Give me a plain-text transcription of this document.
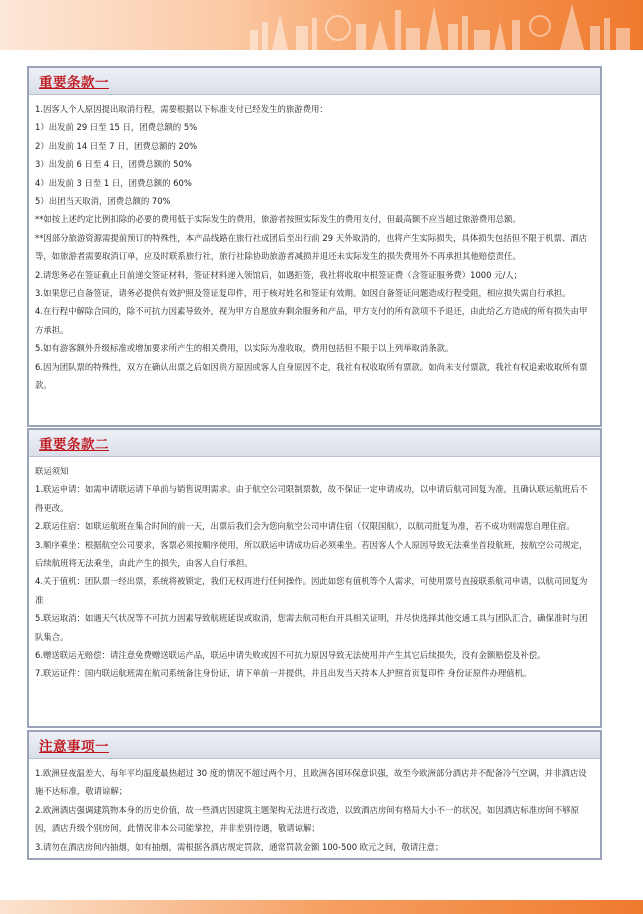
重要条款一

1.因客人个人原因提出取消行程，需要根据以下标准支付已经发生的旅游费用：

1）出发前 29 日至 15 日，团费总额的 5%

2）出发前 14 日至 7 日，团费总额的 20%

3）出发前 6 日至 4 日，团费总额的 50%

4）出发前 3 日至 1 日，团费总额的 60%

5）出团当天取消，团费总额的 70%

**如按上述约定比例扣除的必要的费用低于实际发生的费用，旅游者按照实际发生的费用支付，但最高额不应当超过旅游费用总额。

**因部分旅游资源需提前预订的特殊性，本产品线路在旅行社成团后至出行前 29 天外取消的，也将产生实际损失，具体损失包括但不限于机票、酒店等，如旅游者需要取消订单，应及时联系旅行社，旅行社除协助旅游者减损并退还未实际发生的损失费用外不再承担其他赔偿责任。

2.请您务必在签证截止日前递交签证材料，签证材料递入领馆后，如遇拒签，我社将收取申根签证费（含签证服务费）1000 元/人；

3.如果您已自备签证，请务必提供有效护照及签证复印件，用于核对姓名和签证有效期。如因自备签证问题造成行程受阻，相应损失需自行承担。

4.在行程中解除合同的，除不可抗力因素导致外，视为甲方自愿放弃剩余服务和产品，甲方支付的所有款项不予退还，由此给乙方造成的所有损失由甲方承担。

5.如有游客额外升级标准或增加要求所产生的相关费用，以实际为准收取，费用包括但不限于以上列举取消条款。

6.因为团队票的特殊性，双方在确认出票之后如因贵方原因或客人自身原因不走，我社有权收取所有票款。如尚未支付票款，我社有权追索收取所有票款。

重要条款二

联运须知

1.联运申请：如需申请联运请下单前与销售说明需求。由于航空公司限制票数，故不保证一定申请成功，以申请后航司回复为准，且确认联运航班后不得更改。

2.联运住宿：如联运航班在集合时间的前一天，出票后我们会为您向航空公司申请住宿（仅限国航），以航司批复为准，若不成功则需您自理住宿。

3.顺序乘坐：根据航空公司要求，客票必须按顺序使用，所以联运申请成功后必须乘坐。若因客人个人原因导致无法乘坐首段航班，按航空公司规定，后续航班将无法乘坐，由此产生的损失，由客人自行承担。

4.关于值机：团队票一经出票，系统将被锁定，我们无权再进行任何操作。因此如您有值机等个人需求，可使用票号直接联系航司申请，以航司回复为准

5.联运取消：如遇天气状况等不可抗力因素导致航班延误或取消，您需去航司柜台开具相关证明，并尽快选择其他交通工具与团队汇合，确保准时与团队集合。

6.赠送联运无赔偿：请注意免费赠送联运产品，联运申请失败或因不可抗力原因导致无法使用并产生其它后续损失，没有金额赔偿及补偿。

7.联运证件：国内联运航班需在航司系统备注身份证，请下单前一并提供，并且出发当天持本人护照首页复印件 身份证原件办理值机。

注意事项一

1.欧洲昼夜温差大、每年平均温度最热超过 30 度的情况不超过两个月，且欧洲各国环保意识强，故至今欧洲部分酒店并不配备冷气空调，并非酒店设施不达标准，敬请谅解；

2.欧洲酒店强调建筑物本身的历史价值，故一些酒店因建筑主题架构无法进行改造，以致酒店房间有格局大小不一的状况。如因酒店标准房间不够原因，酒店升级个别房间，此情况非本公司能掌控，并非差别待遇，敬请谅解；

3.请勿在酒店房间内抽烟，如有抽烟，需根据各酒店规定罚款，通常罚款金额 100-500 欧元之间，敬请注意；
